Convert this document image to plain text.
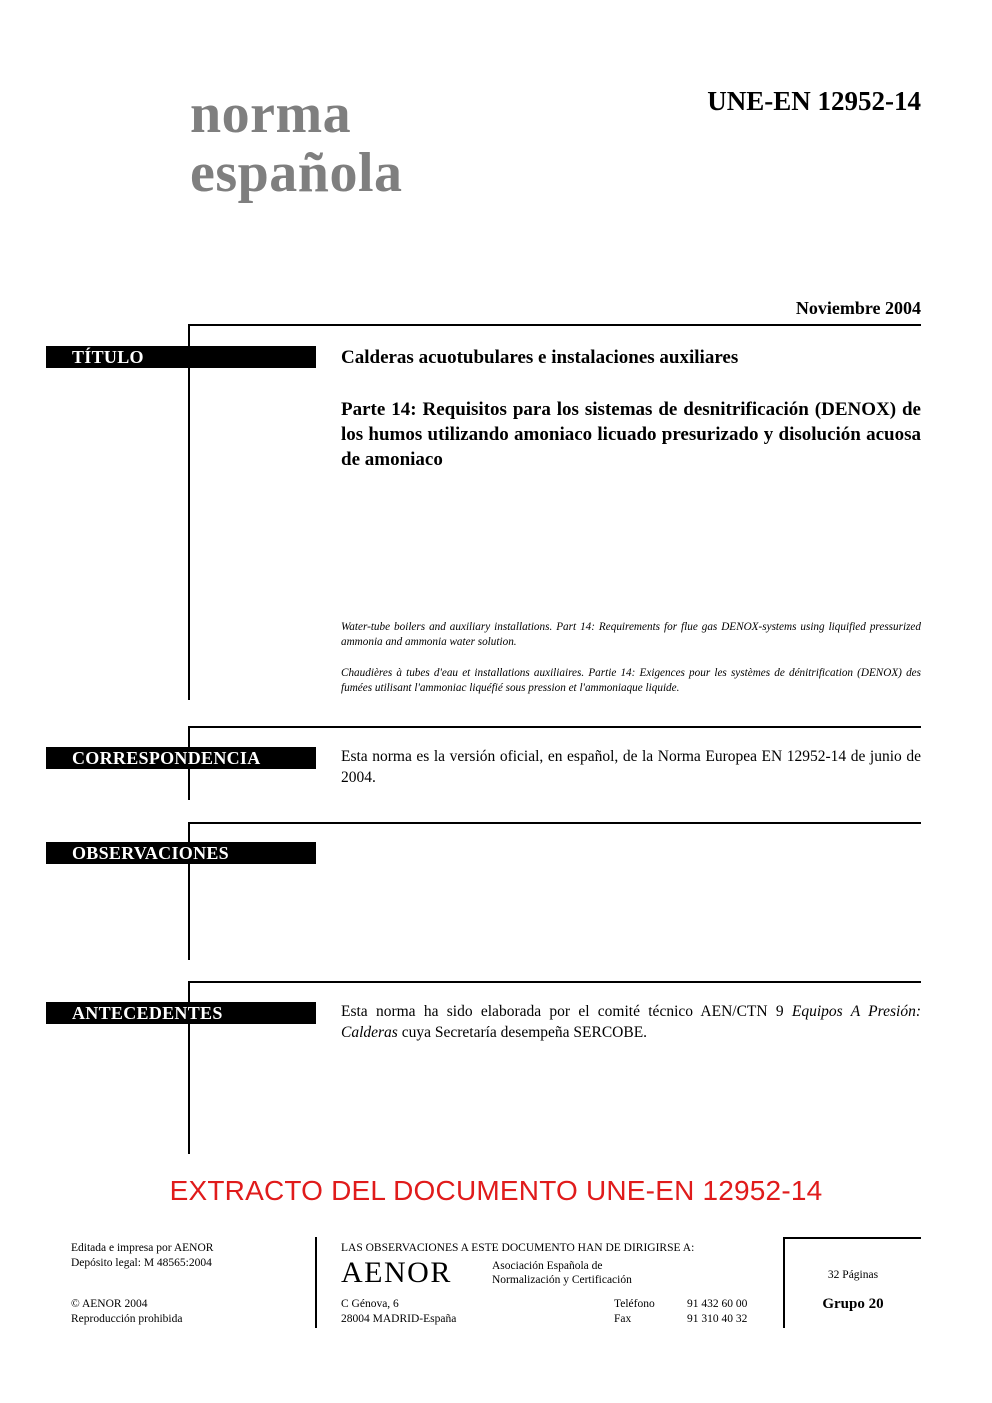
norma
española
UNE-EN 12952-14
Noviembre 2004
TÍTULO	Calderas acuotubulares e instalaciones auxiliares
Parte 14: Requisitos para los sistemas de desnitrificación (DENOX) de los humos utilizando amoniaco licuado presurizado y disolución acuosa de amoniaco
Water-tube boilers and auxiliary installations. Part 14: Requirements for flue gas DENOX-systems using liquified pressurized ammonia and ammonia water solution.
Chaudières à tubes d'eau et installations auxiliaires. Partie 14: Exigences pour les systèmes de dénitrification (DENOX) des fumées utilisant l'ammoniac liquéfié sous pression et l'ammoniaque liquide.
CORRESPONDENCIA	Esta norma es la versión oficial, en español, de la Norma Europea EN 12952-14 de junio de 2004.
OBSERVACIONES
ANTECEDENTES	Esta norma ha sido elaborada por el comité técnico AEN/CTN 9 Equipos A Presión: Calderas cuya Secretaría desempeña SERCOBE.
EXTRACTO DEL DOCUMENTO UNE-EN 12952-14
Editada e impresa por AENOR
Depósito legal: M 48565:2004
© AENOR 2004
Reproducción prohibida
LAS OBSERVACIONES A ESTE DOCUMENTO HAN DE DIRIGIRSE A:
AENOR	Asociación Española de
Normalización y Certificación
C Génova, 6
28004 MADRID-España
Teléfono	91 432 60 00
Fax	91 310 40 32
32 Páginas
Grupo 20
